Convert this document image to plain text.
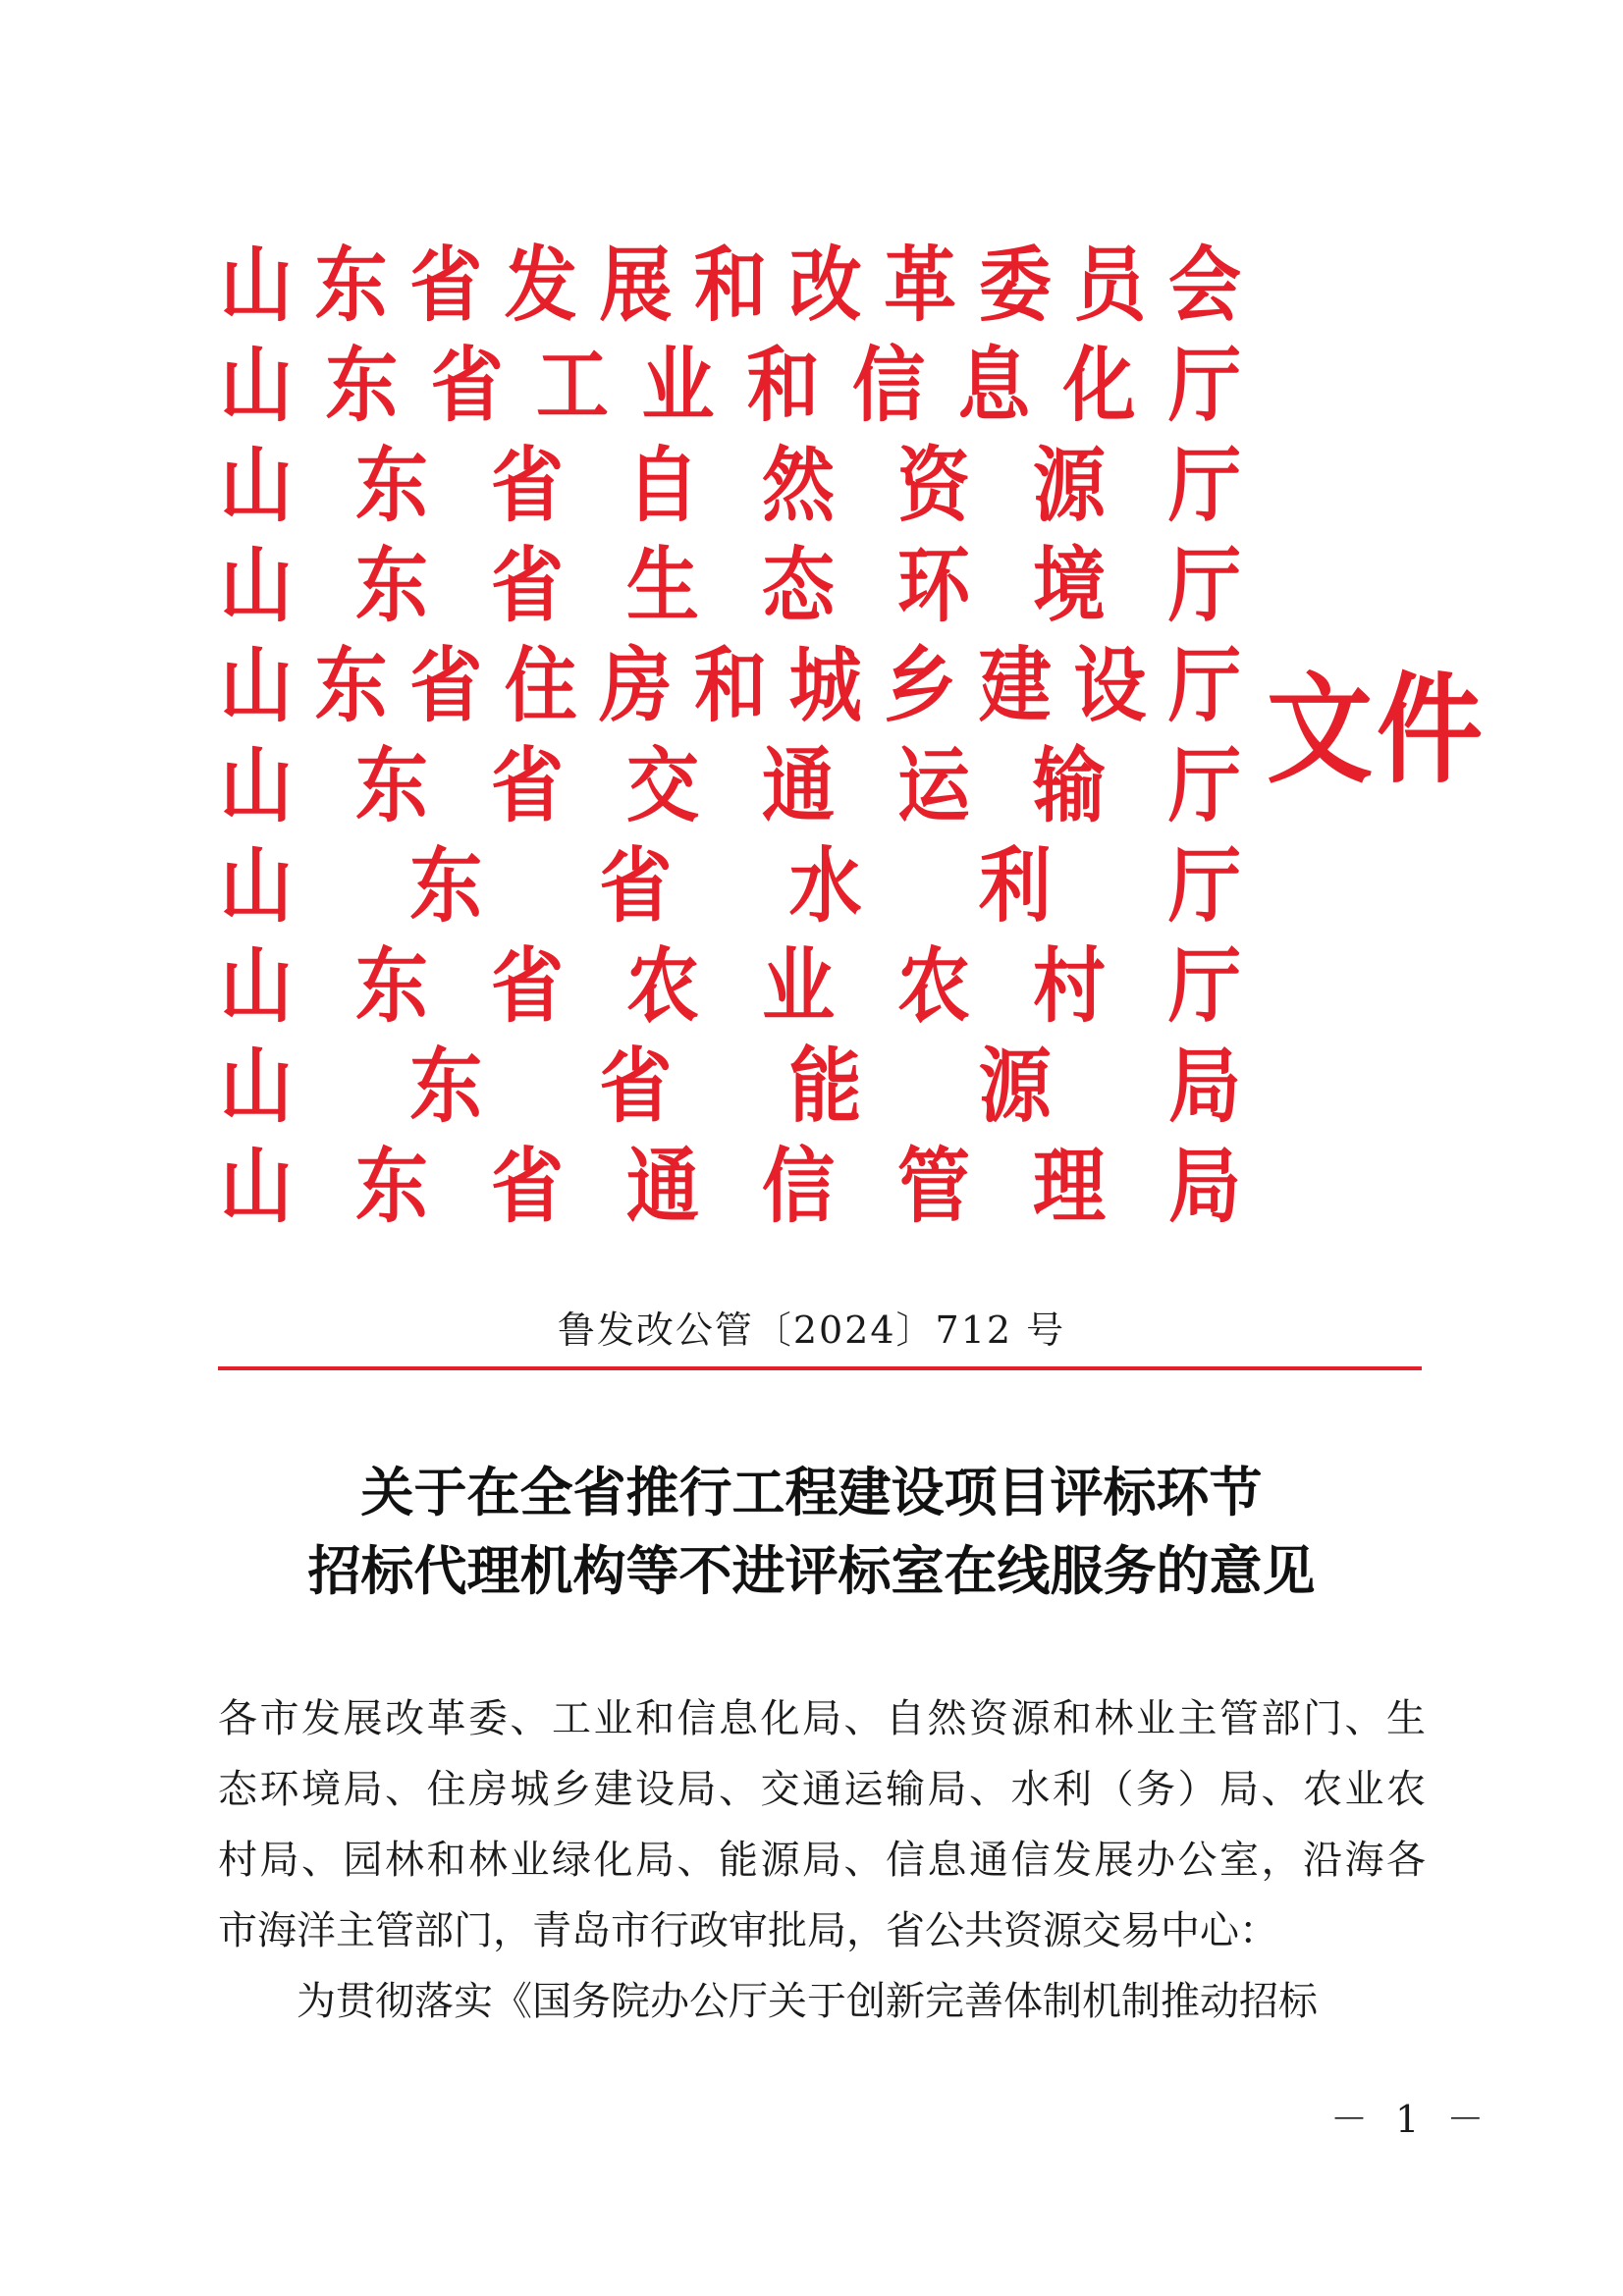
山 东 省 发 展 和 改 革 委 员 会
山 东 省 工 业 和 信 息 化 厅
山 东 省 自 然 资 源 厅
山 东 省 生 态 环 境 厅
山 东 省 住 房 和 城 乡 建 设 厅
山 东 省 交 通 运 输 厅
山 东 省 水 利 厅
山 东 省 农 业 农 村 厅
山 东 省 能 源 局
山 东 省 通 信 管 理 局
文件
鲁发改公管〔2024〕712 号
关于在全省推行工程建设项目评标环节
招标代理机构等不进评标室在线服务的意见

各市发展改革委、工业和信息化局、自然资源和林业主管部门、生

态环境局、住房城乡建设局、交通运输局、水利（务）局、农业农

村局、园林和林业绿化局、能源局、信息通信发展办公室，沿海各

市海洋主管部门，青岛市行政审批局，省公共资源交易中心：

为贯彻落实《国务院办公厅关于创新完善体制机制推动招标

－ 1 －
